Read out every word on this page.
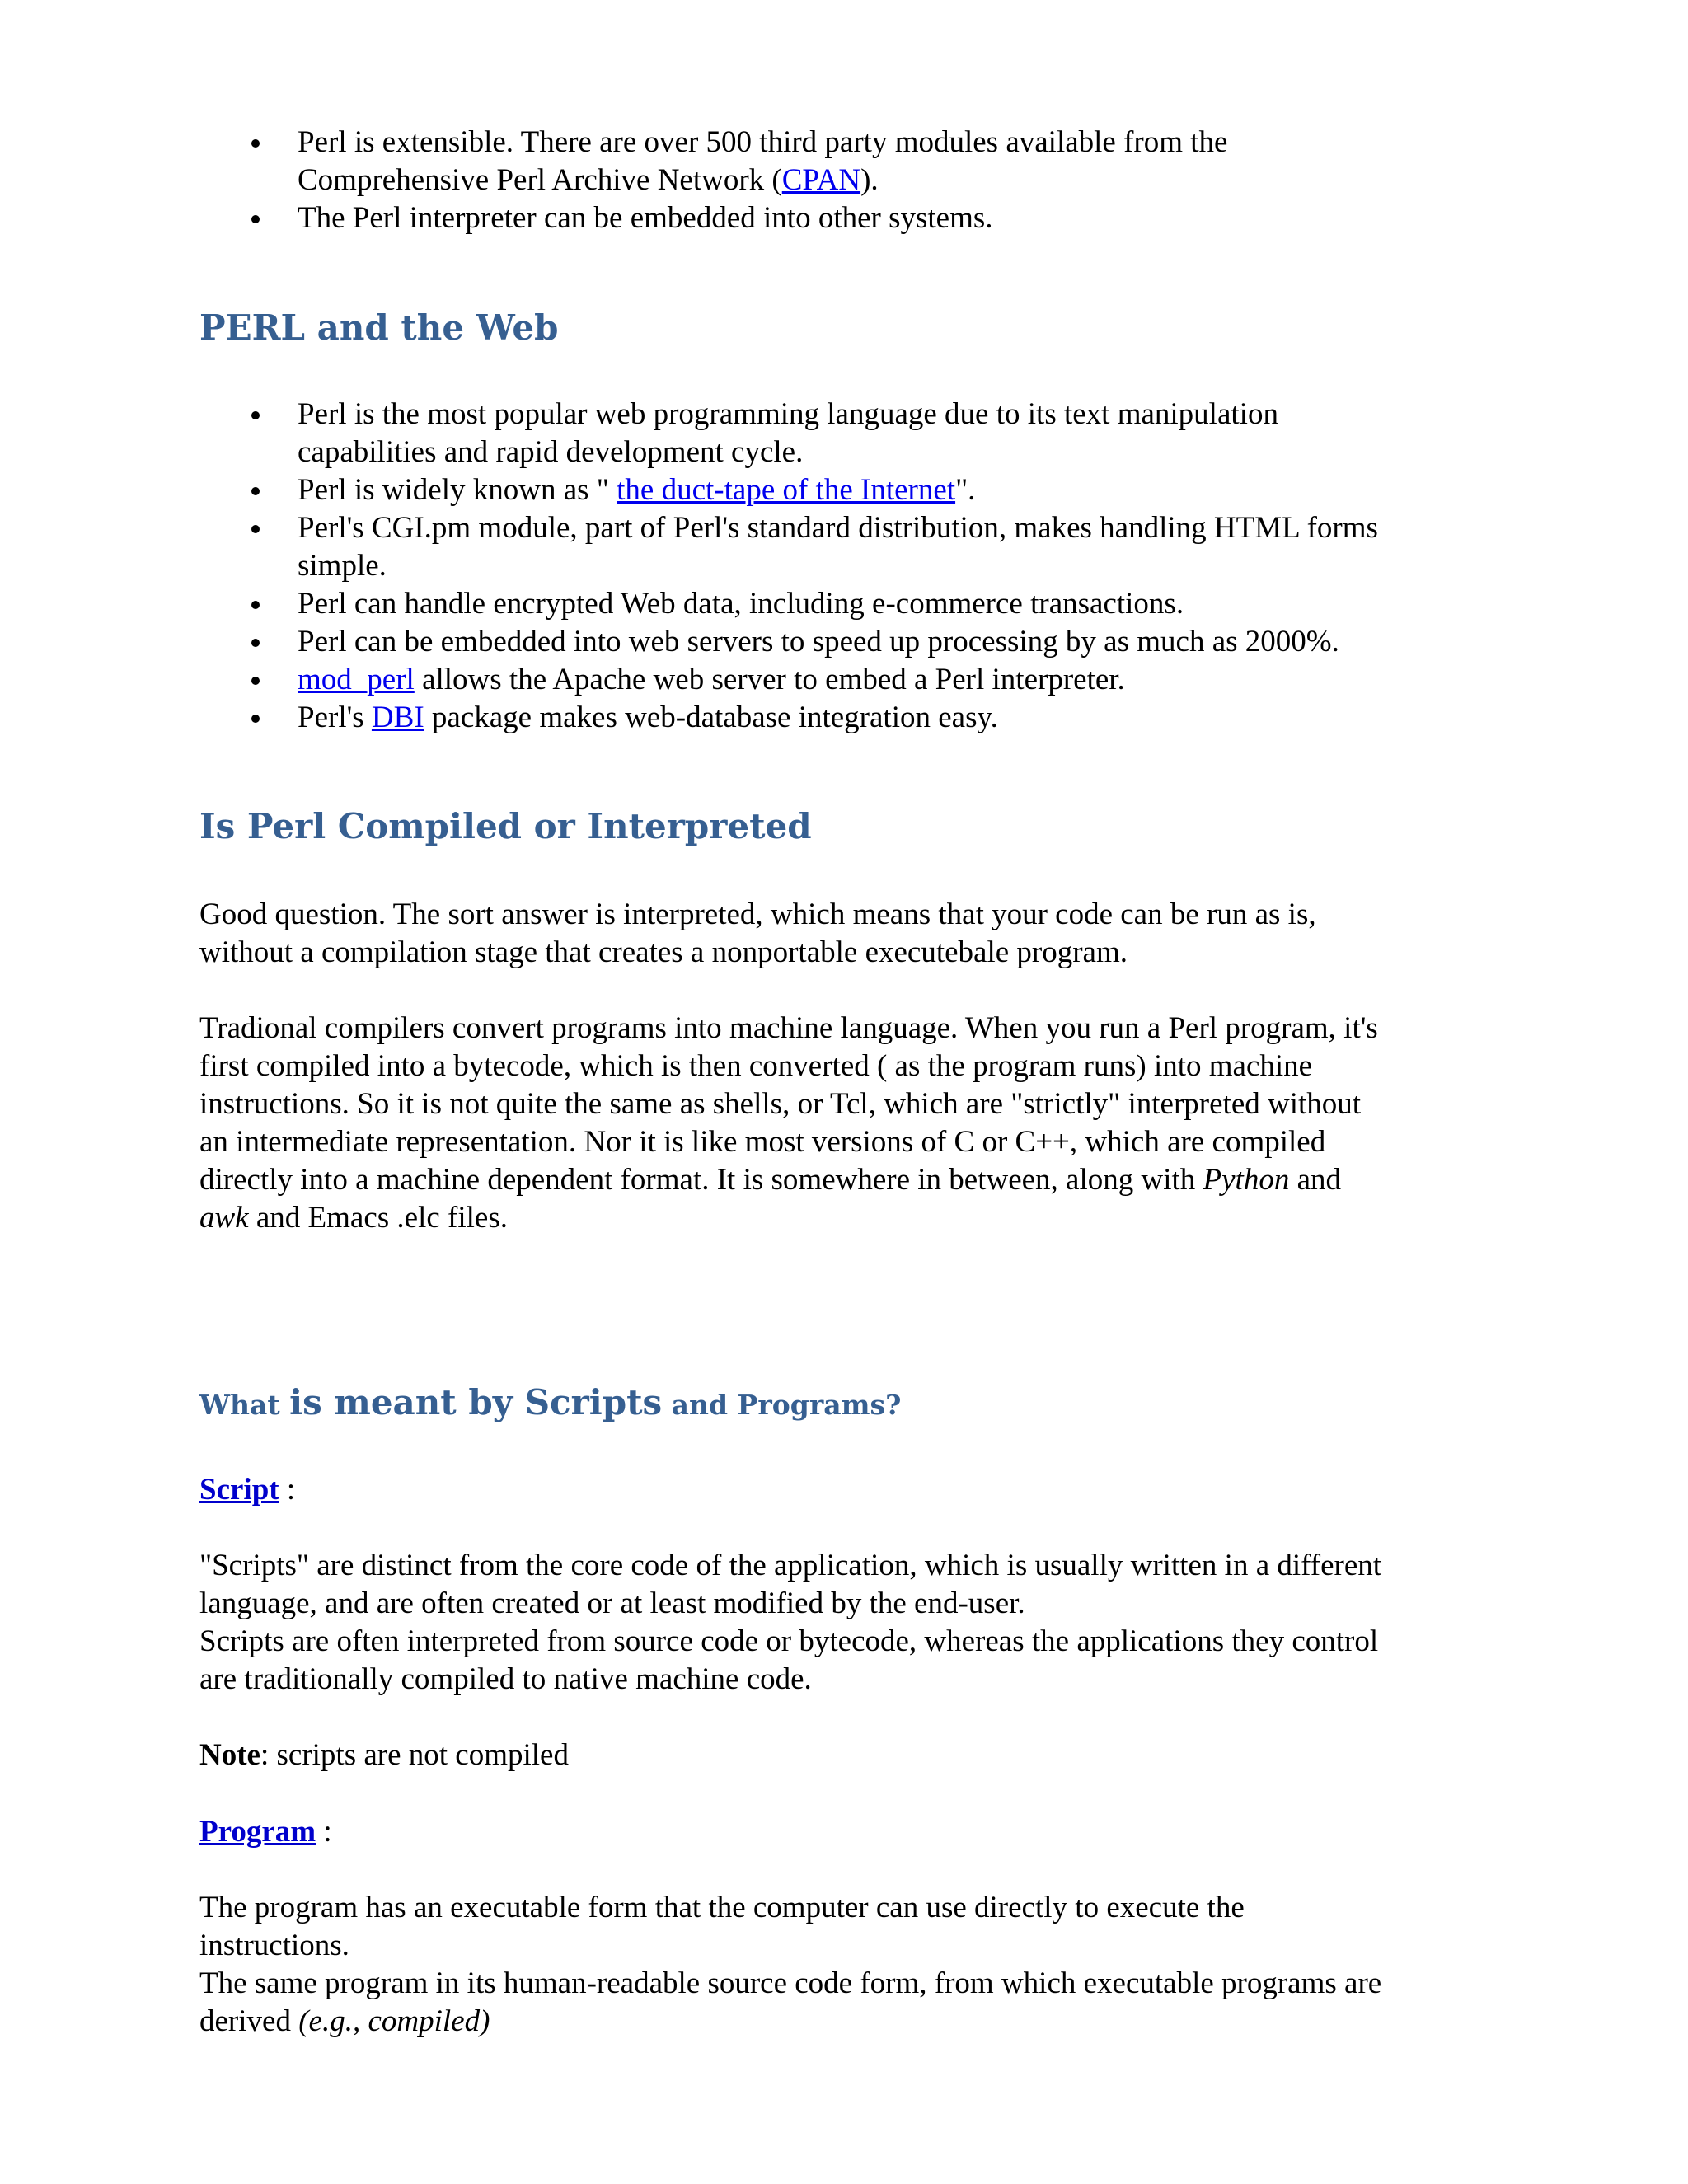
Perl is extensible. There are over 500 third party modules available from the
Comprehensive Perl Archive Network (CPAN).
The Perl interpreter can be embedded into other systems.
PERL and the Web
Perl is the most popular web programming language due to its text manipulation
capabilities and rapid development cycle.
Perl is widely known as " the duct-tape of the Internet".
Perl's CGI.pm module, part of Perl's standard distribution, makes handling HTML forms
simple.
Perl can handle encrypted Web data, including e-commerce transactions.
Perl can be embedded into web servers to speed up processing by as much as 2000%.
mod_perl allows the Apache web server to embed a Perl interpreter.
Perl's DBI package makes web-database integration easy.
Is Perl Compiled or Interpreted
Good question. The sort answer is interpreted, which means that your code can be run as is,
without a compilation stage that creates a nonportable executebale program.
Tradional compilers convert programs into machine language. When you run a Perl program, it's
first compiled into a bytecode, which is then converted ( as the program runs) into machine
instructions. So it is not quite the same as shells, or Tcl, which are "strictly" interpreted without
an intermediate representation. Nor it is like most versions of C or C++, which are compiled
directly into a machine dependent format. It is somewhere in between, along with Python and
awk and Emacs .elc files.
What is meant by Scripts and Programs?
Script :
"Scripts" are distinct from the core code of the application, which is usually written in a different
language, and are often created or at least modified by the end-user.
Scripts are often interpreted from source code or bytecode, whereas the applications they control
are traditionally compiled to native machine code.
Note: scripts are not compiled
Program :
The program has an executable form that the computer can use directly to execute the
instructions.
The same program in its human-readable source code form, from which executable programs are
derived (e.g., compiled)
